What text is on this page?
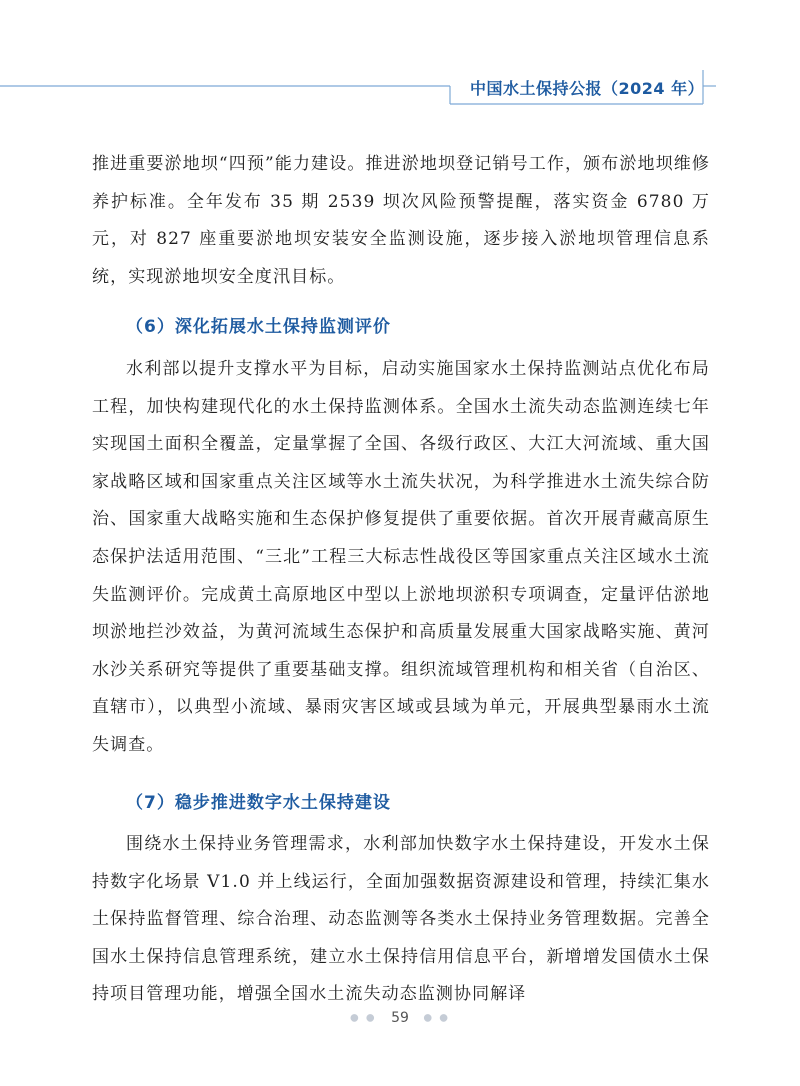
中国水土保持公报（2024 年）

推进重要淤地坝“四预”能力建设。推进淤地坝登记销号工作，颁布淤地坝维修养护标准。全年发布 35 期 2539 坝次风险预警提醒，落实资金 6780 万元，对 827 座重要淤地坝安装安全监测设施，逐步接入淤地坝管理信息系统，实现淤地坝安全度汛目标。

（6）深化拓展水土保持监测评价

水利部以提升支撑水平为目标，启动实施国家水土保持监测站点优化布局工程，加快构建现代化的水土保持监测体系。全国水土流失动态监测连续七年实现国土面积全覆盖，定量掌握了全国、各级行政区、大江大河流域、重大国家战略区域和国家重点关注区域等水土流失状况，为科学推进水土流失综合防治、国家重大战略实施和生态保护修复提供了重要依据。首次开展青藏高原生态保护法适用范围、“三北”工程三大标志性战役区等国家重点关注区域水土流失监测评价。完成黄土高原地区中型以上淤地坝淤积专项调查，定量评估淤地坝淤地拦沙效益，为黄河流域生态保护和高质量发展重大国家战略实施、黄河水沙关系研究等提供了重要基础支撑。组织流域管理机构和相关省（自治区、直辖市），以典型小流域、暴雨灾害区域或县域为单元，开展典型暴雨水土流失调查。

（7）稳步推进数字水土保持建设

围绕水土保持业务管理需求，水利部加快数字水土保持建设，开发水土保持数字化场景 V1.0 并上线运行，全面加强数据资源建设和管理，持续汇集水土保持监督管理、综合治理、动态监测等各类水土保持业务管理数据。完善全国水土保持信息管理系统，建立水土保持信用信息平台，新增增发国债水土保持项目管理功能，增强全国水土流失动态监测协同解译

● ● 59 ● ●
